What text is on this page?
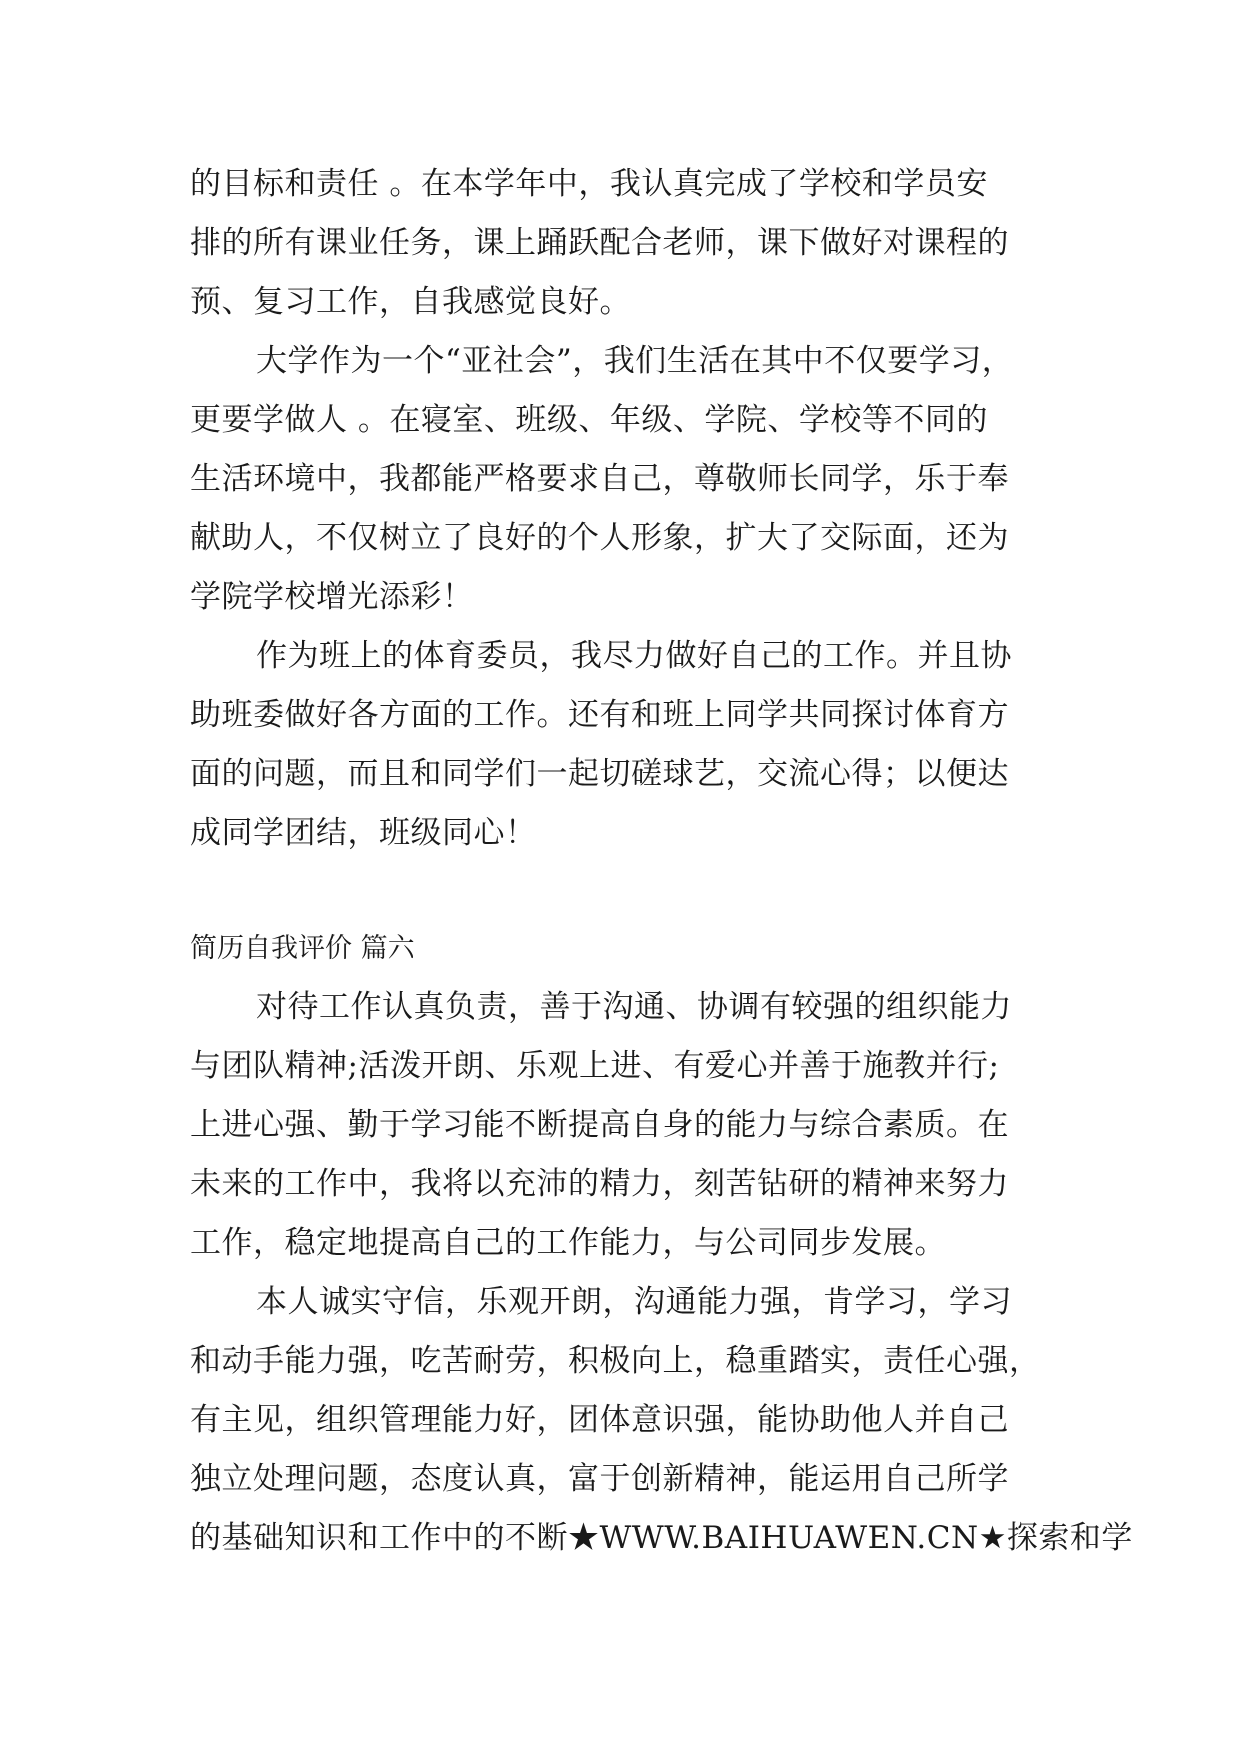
的目标和责任 。在本学年中，我认真完成了学校和学员安
排的所有课业任务，课上踊跃配合老师，课下做好对课程的
预、复习工作，自我感觉良好。
大学作为一个“亚社会”，我们生活在其中不仅要学习，
更要学做人 。在寝室、班级、年级、学院、学校等不同的
生活环境中，我都能严格要求自己，尊敬师长同学，乐于奉
献助人，不仅树立了良好的个人形象，扩大了交际面，还为
学院学校增光添彩！
作为班上的体育委员，我尽力做好自己的工作。并且协
助班委做好各方面的工作。还有和班上同学共同探讨体育方
面的问题，而且和同学们一起切磋球艺，交流心得；以便达
成同学团结，班级同心！
简历自我评价 篇六
对待工作认真负责，善于沟通、协调有较强的组织能力
与团队精神;活泼开朗、乐观上进、有爱心并善于施教并行;
上进心强、勤于学习能不断提高自身的能力与综合素质。在
未来的工作中，我将以充沛的精力，刻苦钻研的精神来努力
工作，稳定地提高自己的工作能力，与公司同步发展。
本人诚实守信，乐观开朗，沟通能力强，肯学习，学习
和动手能力强，吃苦耐劳，积极向上，稳重踏实，责任心强，
有主见，组织管理能力好，团体意识强，能协助他人并自己
独立处理问题，态度认真，富于创新精神，能运用自己所学
的基础知识和工作中的不断★WWW.BAIHUAWEN.CN★探索和学
